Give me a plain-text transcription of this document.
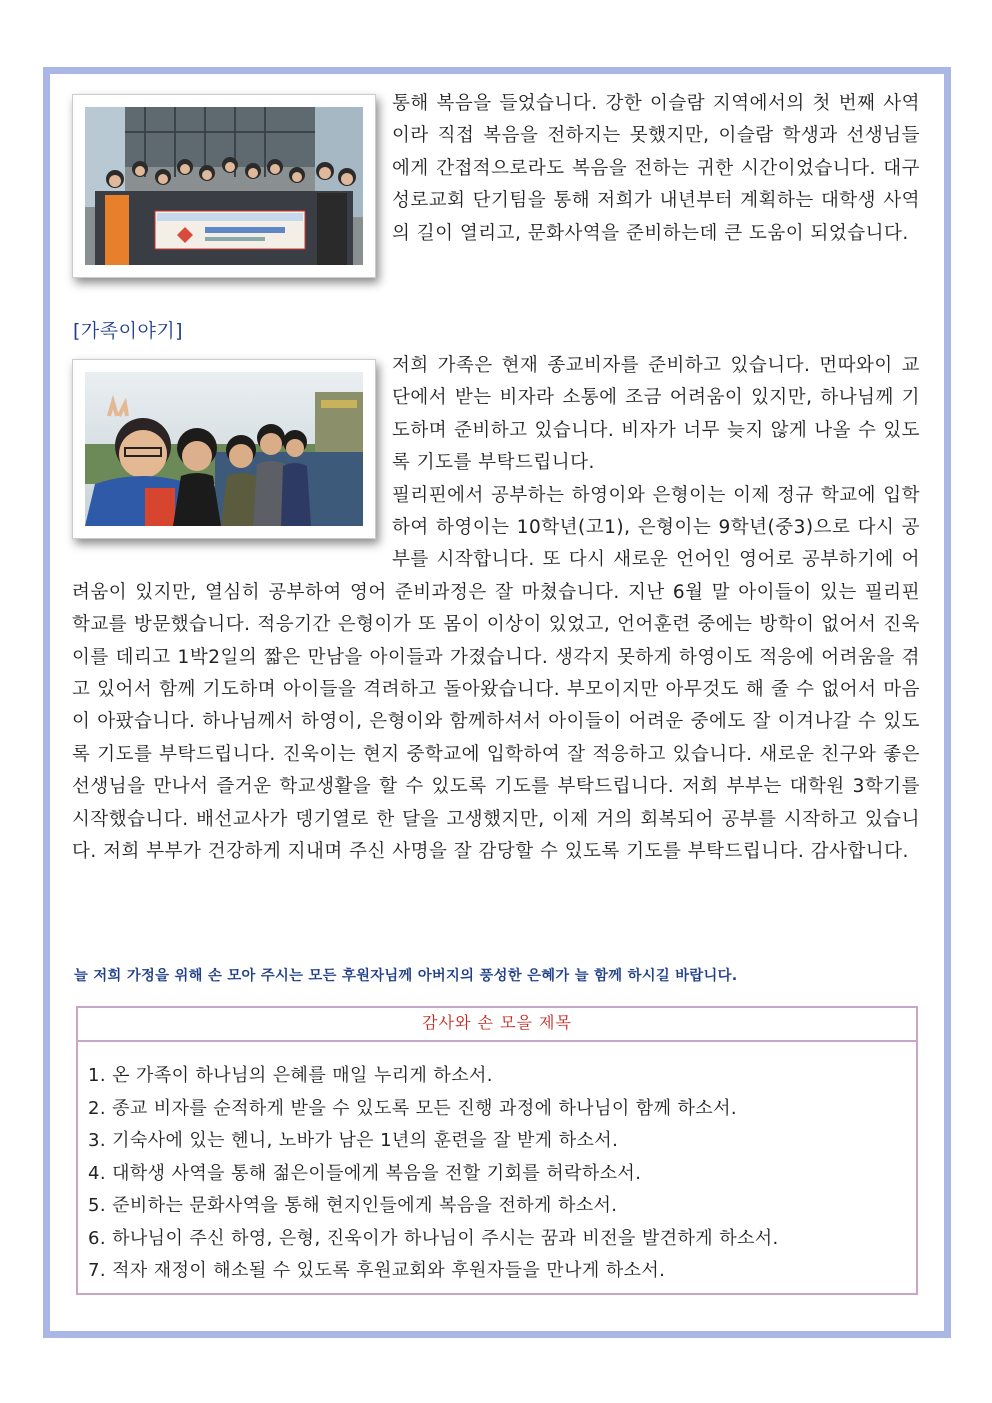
통해 복음을 들었습니다. 강한 이슬람 지역에서의 첫 번째 사역이라 직접 복음을 전하지는 못했지만, 이슬람 학생과 선생님들에게 간접적으로라도 복음을 전하는 귀한 시간이었습니다. 대구 성로교회 단기팀을 통해 저희가 내년부터 계획하는 대학생 사역의 길이 열리고, 문화사역을 준비하는데 큰 도움이 되었습니다.
[가족이야기]
저희 가족은 현재 종교비자를 준비하고 있습니다. 먼따와이 교단에서 받는 비자라 소통에 조금 어려움이 있지만, 하나님께 기도하며 준비하고 있습니다. 비자가 너무 늦지 않게 나올 수 있도록 기도를 부탁드립니다.
필리핀에서 공부하는 하영이와 은형이는 이제 정규 학교에 입학하여 하영이는 10학년(고1), 은형이는 9학년(중3)으로 다시 공부를 시작합니다. 또 다시 새로운 언어인 영어로 공부하기에 어려움이 있지만, 열심히 공부하여 영어 준비과정은 잘 마쳤습니다. 지난 6월 말 아이들이 있는 필리핀 학교를 방문했습니다. 적응기간 은형이가 또 몸이 이상이 있었고, 언어훈련 중에는 방학이 없어서 진욱이를 데리고 1박2일의 짧은 만남을 아이들과 가졌습니다. 생각지 못하게 하영이도 적응에 어려움을 겪고 있어서 함께 기도하며 아이들을 격려하고 돌아왔습니다. 부모이지만 아무것도 해 줄 수 없어서 마음이 아팠습니다. 하나님께서 하영이, 은형이와 함께하셔서 아이들이 어려운 중에도 잘 이겨나갈 수 있도록 기도를 부탁드립니다. 진욱이는 현지 중학교에 입학하여 잘 적응하고 있습니다. 새로운 친구와 좋은 선생님을 만나서 즐거운 학교생활을 할 수 있도록 기도를 부탁드립니다. 저희 부부는 대학원 3학기를 시작했습니다. 배선교사가 뎅기열로 한 달을 고생했지만, 이제 거의 회복되어 공부를 시작하고 있습니다. 저희 부부가 건강하게 지내며 주신 사명을 잘 감당할 수 있도록 기도를 부탁드립니다. 감사합니다.
늘 저희 가정을 위해 손 모아 주시는 모든 후원자님께 아버지의 풍성한 은혜가 늘 함께 하시길 바랍니다.
감사와 손 모을 제목
1. 온 가족이 하나님의 은혜를 매일 누리게 하소서.
2. 종교 비자를 순적하게 받을 수 있도록 모든 진행 과정에 하나님이 함께 하소서.
3. 기숙사에 있는 헨니, 노바가 남은 1년의 훈련을 잘 받게 하소서.
4. 대학생 사역을 통해 젊은이들에게 복음을 전할 기회를 허락하소서.
5. 준비하는 문화사역을 통해 현지인들에게 복음을 전하게 하소서.
6. 하나님이 주신 하영, 은형, 진욱이가 하나님이 주시는 꿈과 비전을 발견하게 하소서.
7. 적자 재정이 해소될 수 있도록 후원교회와 후원자들을 만나게 하소서.
